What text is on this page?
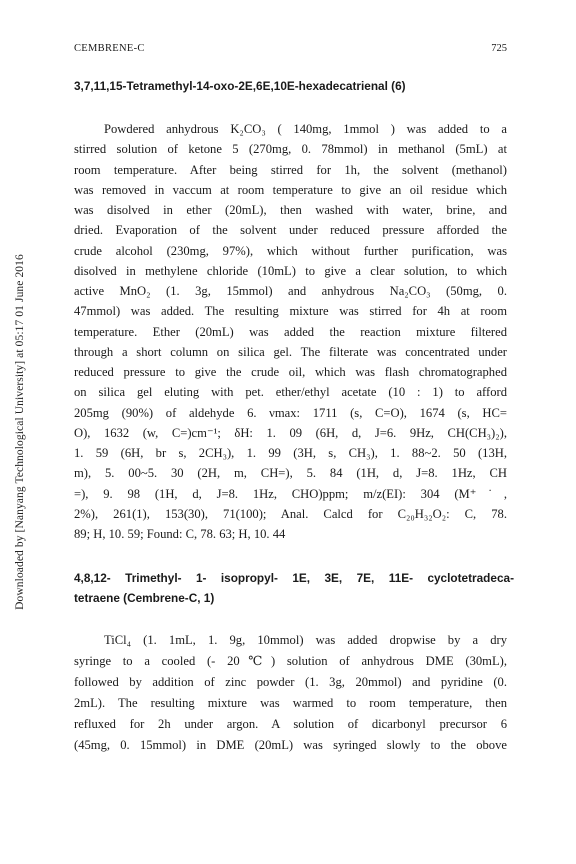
Downloaded by [Nanyang Technological University] at 05:17 01 June 2016
CEMBRENE-C	725
3,7,11,15-Tetramethyl-14-oxo-2E,6E,10E-hexadecatrienal (6)
Powdered anhydrous K₂CO₃ ( 140mg, 1mmol ) was added to a
stirred solution of ketone 5 (270mg, 0. 78mmol) in methanol (5mL) at
room temperature. After being stirred for 1h, the solvent (methanol)
was removed in vaccum at room temperature to give an oil residue which
was disolved in ether (20mL), then washed with water, brine, and
dried. Evaporation of the solvent under reduced pressure afforded the
crude alcohol (230mg, 97%), which without further purification, was
disolved in methylene chloride (10mL) to give a clear solution, to which
active MnO₂ (1. 3g, 15mmol) and anhydrous Na₂CO₃ (50mg, 0.
47mmol) was added. The resulting mixture was stirred for 4h at room
temperature. Ether (20mL) was added the reaction mixture filtered
through a short column on silica gel. The filterate was concentrated under
reduced pressure to give the crude oil, which was flash chromatographed
on silica gel eluting with pet. ether/ethyl acetate (10 : 1) to afford
205mg (90%) of aldehyde 6. νmax: 1711 (s, C=O), 1674 (s, HC=
O), 1632 (w, C=)cm⁻¹; δH: 1. 09 (6H, d, J=6. 9Hz, CH(CH₃)₂),
1. 59 (6H, br s, 2CH₃), 1. 99 (3H, s, CH₃), 1. 88~2. 50 (13H,
m), 5. 00~5. 30 (2H, m, CH=), 5. 84 (1H, d, J=8. 1Hz, CH
=), 9. 98 (1H, d, J=8. 1Hz, CHO)ppm; m/z(EI): 304 (M⁺˙,
2%), 261(1), 153(30), 71(100); Anal. Calcd for C₂₀H₃₂O₂: C, 78.
89; H, 10. 59; Found: C, 78. 63; H, 10. 44
4,8,12- Trimethyl- 1- isopropyl- 1E, 3E, 7E, 11E- cyclotetradeca-
tetraene (Cembrene-C, 1)
TiCl₄ (1. 1mL, 1. 9g, 10mmol) was added dropwise by a dry
syringe to a cooled (- 20℃) solution of anhydrous DME (30mL),
followed by addition of zinc powder (1. 3g, 20mmol) and pyridine (0.
2mL). The resulting mixture was warmed to room temperature, then
refluxed for 2h under argon. A solution of dicarbonyl precursor 6
(45mg, 0. 15mmol) in DME (20mL) was syringed slowly to the obove
